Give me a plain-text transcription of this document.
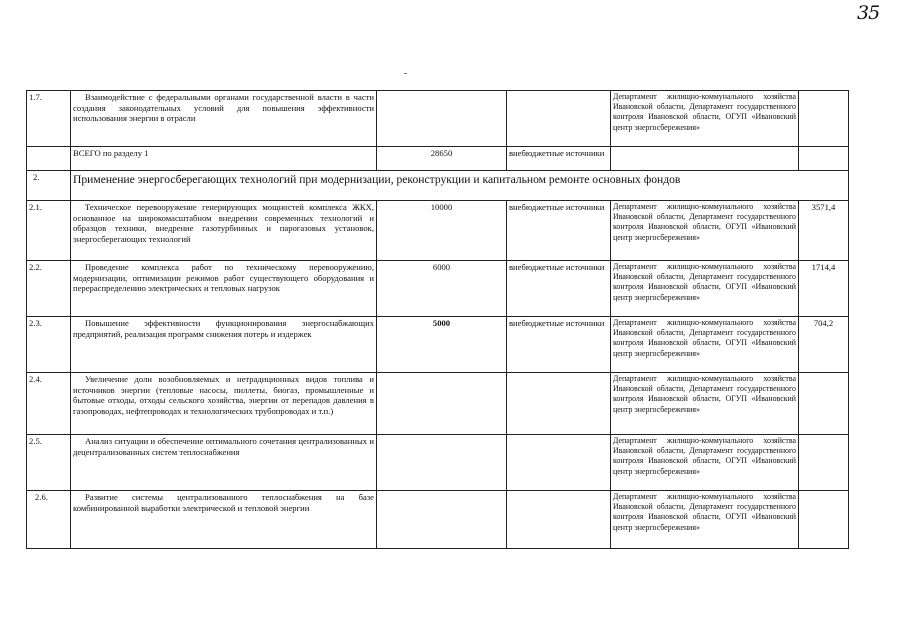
35
1.7.	Взаимодействие с федеральными органами государственной власти в части создания законодательных условий для повышения эффективности использования энергии в отрасли			Департамент жилищно-коммунального хозяйства Ивановской области, Департамент государственного контроля Ивановской области, ОГУП «Ивановский центр энергосбережения»	
	ВСЕГО по разделу 1	28650	внебюджетные источники		
2.	Применение энергосберегающих технологий при модернизации, реконструкции и капитальном ремонте основных фондов				
2.1.	Техническое перевооружение генерирующих мощностей комплекса ЖКХ, основанное на широкомасштабном внедрении современных технологий и образцов техники, внедрение газотурбинных и парогазовых установок, энергосберегающих технологий	10000	внебюджетные источники	Департамент жилищно-коммунального хозяйства Ивановской области, Департамент государственного контроля Ивановской области, ОГУП «Ивановский центр энергосбережения»	3571,4
2.2.	Проведение комплекса работ по техническому перевооружению, модернизации, оптимизации режимов работ существующего оборудования и перераспределению электрических и тепловых нагрузок	6000	внебюджетные источники	Департамент жилищно-коммунального хозяйства Ивановской области, Департамент государственного контроля Ивановской области, ОГУП «Ивановский центр энергосбережения»	1714,4
2.3.	Повышение эффективности функционирования энергоснабжающих предприятий, реализация программ снижения потерь и издержек	5000	внебюджетные источники	Департамент жилищно-коммунального хозяйства Ивановской области, Департамент государственного контроля Ивановской области, ОГУП «Ивановский центр энергосбережения»	704,2
2.4.	Увеличение доли возобновляемых и нетрадиционных видов топлива и источников энергии (тепловые насосы, пиллеты, биогаз, промышленные и бытовые отходы, отходы сельского хозяйства, энергии от перепадов давления в газопроводах, нефтепроводах и технологических трубопроводах и т.п.)			Департамент жилищно-коммунального хозяйства Ивановской области, Департамент государственного контроля Ивановской области, ОГУП «Ивановский центр энергосбережения»	
2.5.	Анализ ситуации и обеспечение оптимального сочетания централизованных и децентрализованных систем теплоснабжения			Департамент жилищно-коммунального хозяйства Ивановской области, Департамент государственного контроля Ивановской области, ОГУП «Ивановский центр энергосбережения»	
2.6.	Развитие системы централизованного теплоснабжения на базе комбинированной выработки электрической и тепловой энергии			Департамент жилищно-коммунального хозяйства Ивановской области, Департамент государственного контроля Ивановской области, ОГУП «Ивановский центр энергосбережения»	
